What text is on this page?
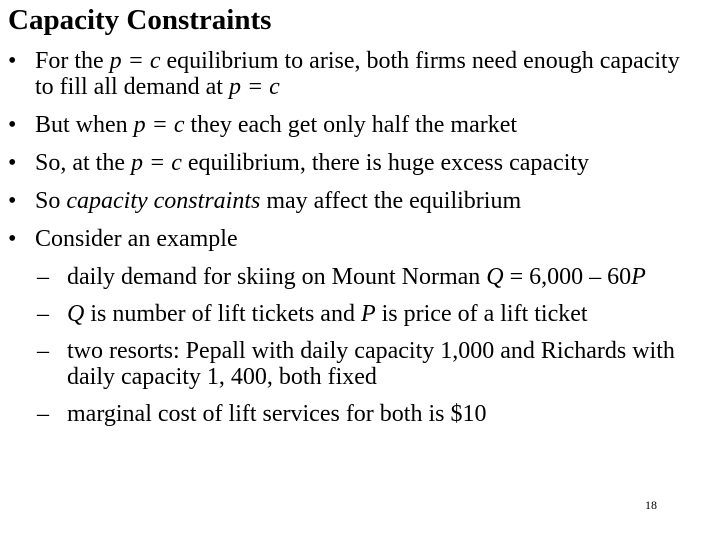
Capacity Constraints
• For the p = c equilibrium to arise, both firms need enough capacity to fill all demand at p = c
• But when p = c they each get only half the market
• So, at the p = c equilibrium, there is huge excess capacity
• So capacity constraints may affect the equilibrium
• Consider an example
– daily demand for skiing on Mount Norman Q = 6,000 – 60P
– Q is number of lift tickets and P is price of a lift ticket
– two resorts: Pepall with daily capacity 1,000 and Richards with daily capacity 1, 400, both fixed
– marginal cost of lift services for both is $10
18
